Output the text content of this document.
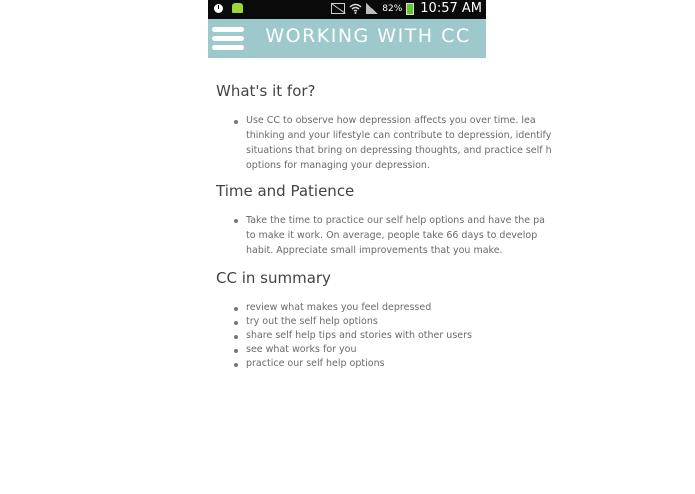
82% 10:57 AM
WORKING WITH CC
What's it for?
Use CC to observe how depression affects you over time. lea
thinking and your lifestyle can contribute to depression, identify
situations that bring on depressing thoughts, and practice self h
options for managing your depression.
Time and Patience
Take the time to practice our self help options and have the pa
to make it work. On average, people take 66 days to develop
habit. Appreciate small improvements that you make.
CC in summary
review what makes you feel depressed
try out the self help options
share self help tips and stories with other users
see what works for you
practice our self help options
